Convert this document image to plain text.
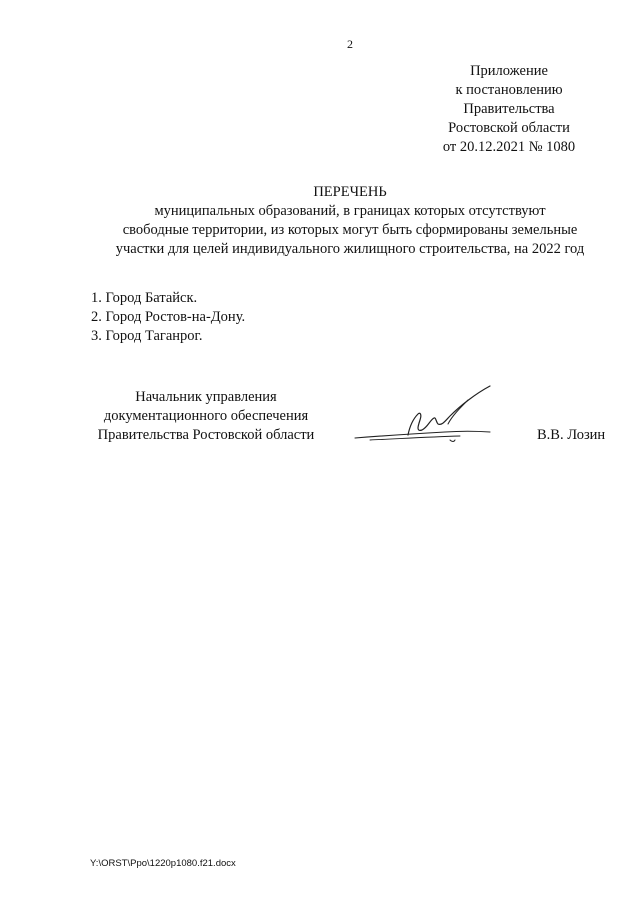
2
Приложение
к постановлению
Правительства
Ростовской области
от 20.12.2021 № 1080
ПЕРЕЧЕНЬ
муниципальных образований, в границах которых отсутствуют
свободные территории, из которых могут быть сформированы земельные
участки для целей индивидуального жилищного строительства, на 2022 год
1. Город Батайск.
2. Город Ростов-на-Дону.
3. Город Таганрог.
Начальник управления
документационного обеспечения
Правительства Ростовской области	В.В. Лозин
Y:\ORST\Ppo\1220p1080.f21.docx
